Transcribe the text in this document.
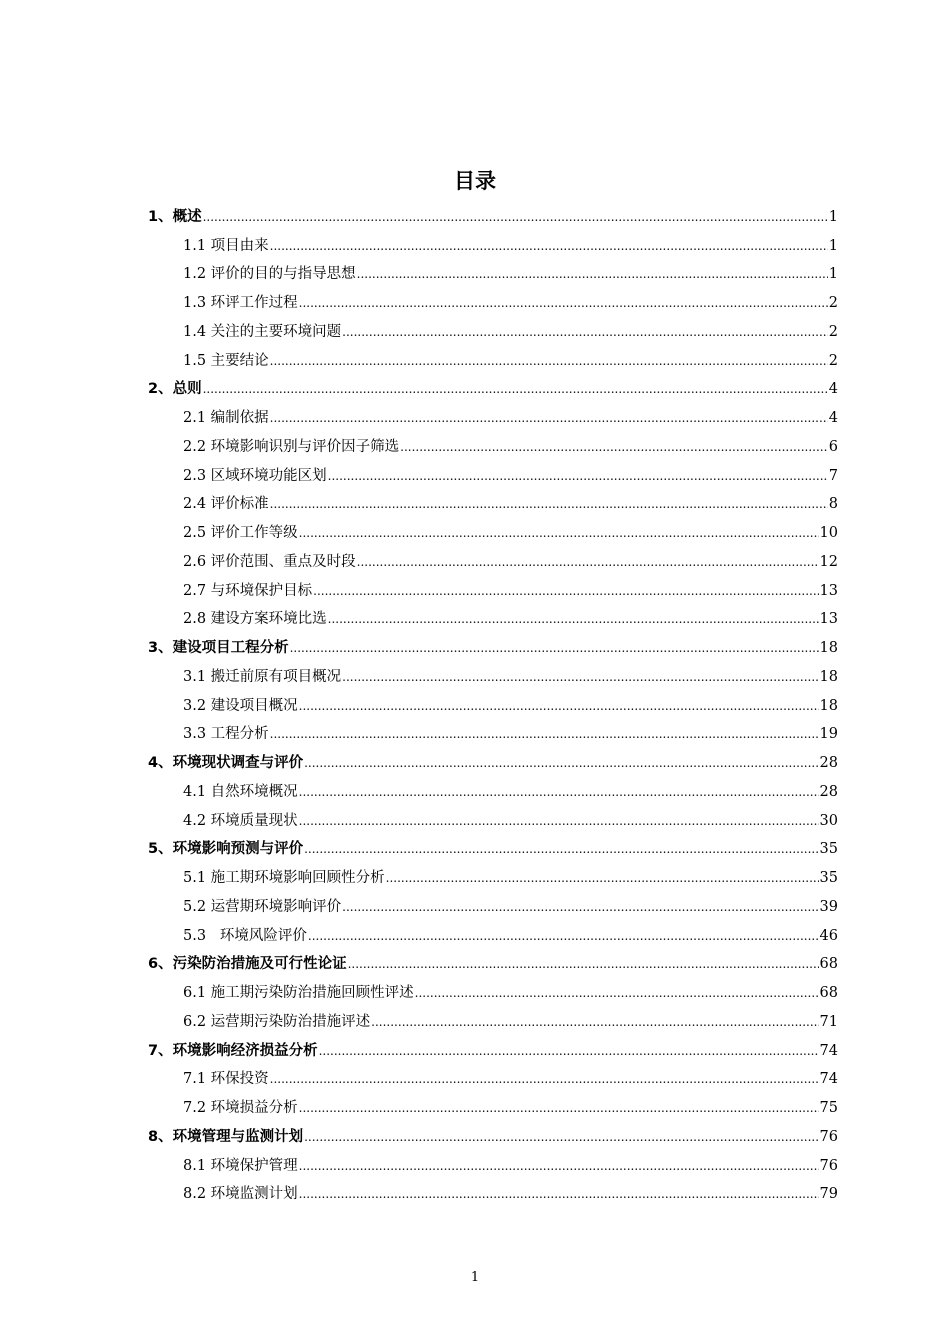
目录
1、概述 .....	1
1.1 项目由来 .....	1
1.2 评价的目的与指导思想 .....	1
1.3 环评工作过程 .....	2
1.4 关注的主要环境问题 .....	2
1.5 主要结论 .....	2
2、总则 .....	4
2.1 编制依据 .....	4
2.2 环境影响识别与评价因子筛选 .....	6
2.3 区域环境功能区划 .....	7
2.4 评价标准 .....	8
2.5 评价工作等级 .....	10
2.6 评价范围、重点及时段 .....	12
2.7 与环境保护目标 .....	13
2.8 建设方案环境比选 .....	13
3、建设项目工程分析 .....	18
3.1 搬迁前原有项目概况 .....	18
3.2 建设项目概况 .....	18
3.3 工程分析 .....	19
4、环境现状调查与评价 .....	28
4.1 自然环境概况 .....	28
4.2 环境质量现状 .....	30
5、环境影响预测与评价 .....	35
5.1 施工期环境影响回顾性分析 .....	35
5.2 运营期环境影响评价 .....	39
5.3   环境风险评价 .....	46
6、污染防治措施及可行性论证 .....	68
6.1 施工期污染防治措施回顾性评述 .....	68
6.2 运营期污染防治措施评述 .....	71
7、环境影响经济损益分析 .....	74
7.1 环保投资 .....	74
7.2 环境损益分析 .....	75
8、环境管理与监测计划 .....	76
8.1 环境保护管理 .....	76
8.2 环境监测计划 .....	79
1
